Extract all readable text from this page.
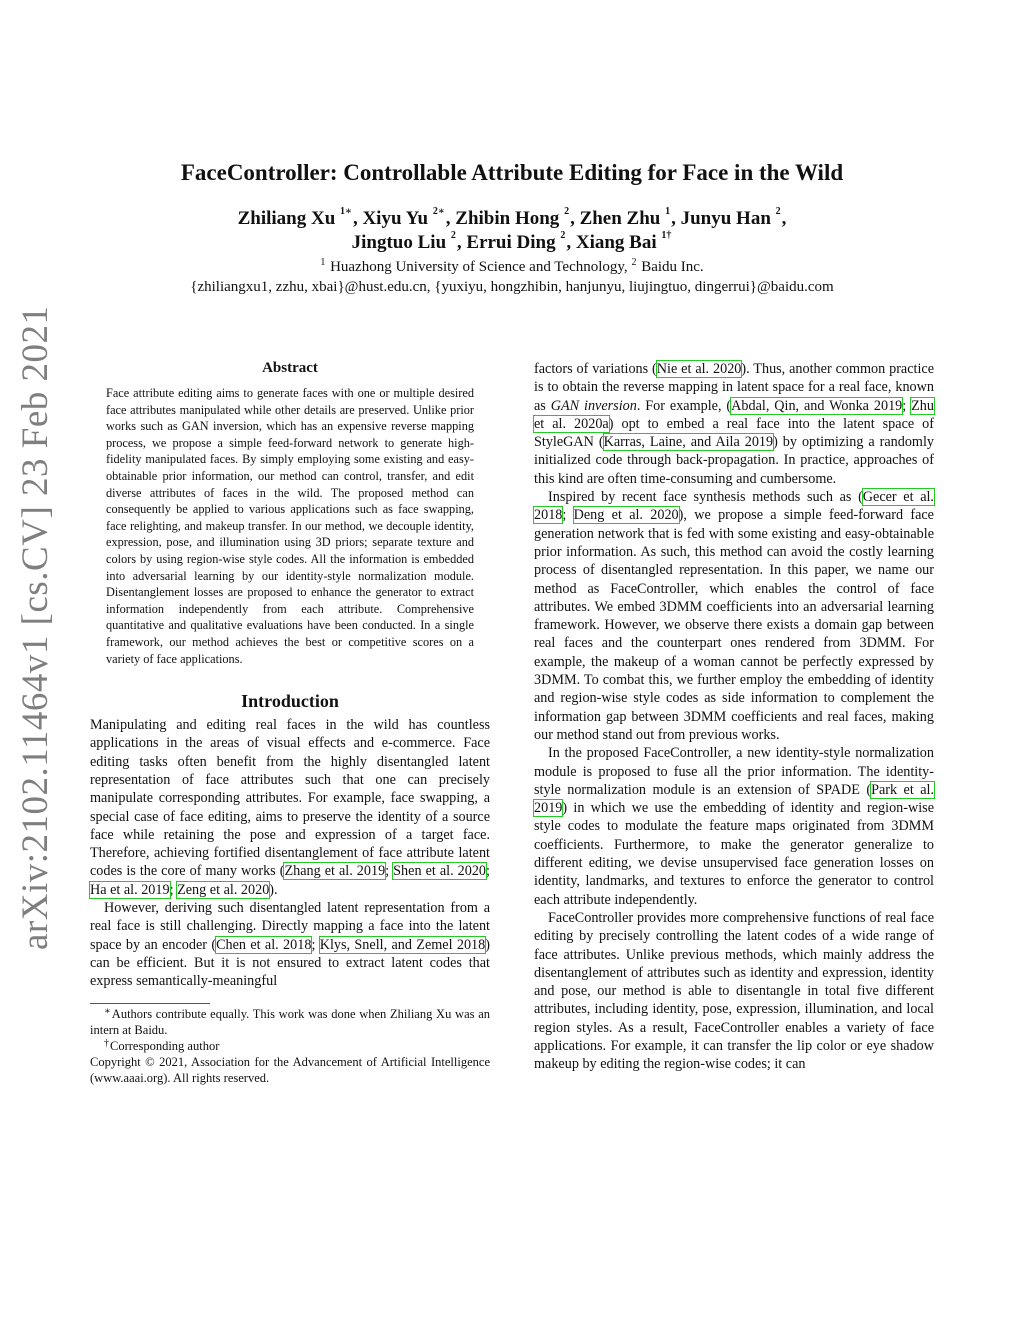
FaceController: Controllable Attribute Editing for Face in the Wild
Zhiliang Xu $^{1∗}$, Xiyu Yu $^{2∗}$, Zhibin Hong $^2$, Zhen Zhu $^1$, Junyu Han $^2$,
Jingtuo Liu $^2$, Errui Ding $^2$, Xiang Bai $^{1\dagger}$
$^1$ Huazhong University of Science and Technology, $^2$ Baidu Inc.
{zhiliangxu1, zzhu, xbai}@hust.edu.cn, {yuxiyu, hongzhibin, hanjunyu, liujingtuo, dingerrui}@baidu.com
arXiv:2102.11464v1 [cs.CV] 23 Feb 2021	Abstract
Face attribute editing aims to generate faces with one or multiple desired face attributes manipulated while other details are preserved. Unlike prior works such as GAN inversion, which has an expensive reverse mapping process, we propose a simple feed-forward network to generate high-fidelity manipulated faces. By simply employing some existing and easy-obtainable prior information, our method can control, transfer, and edit diverse attributes of faces in the wild. The proposed method can consequently be applied to various applications such as face swapping, face relighting, and makeup transfer. In our method, we decouple identity, expression, pose, and illumination using 3D priors; separate texture and colors by using region-wise style codes. All the information is embedded into adversarial learning by our identity-style normalization module. Disentanglement losses are proposed to enhance the generator to extract information independently from each attribute. Comprehensive quantitative and qualitative evaluations have been conducted. In a single framework, our method achieves the best or competitive scores on a variety of face applications.
Introduction

Manipulating and editing real faces in the wild has countless applications in the areas of visual effects and e-commerce. Face editing tasks often benefit from the highly disentangled latent representation of face attributes such that one can precisely manipulate corresponding attributes. For example, face swapping, a special case of face editing, aims to preserve the identity of a source face while retaining the pose and expression of a target face. Therefore, achieving fortified disentanglement of face attribute latent codes is the core of many works (Zhang et al. 2019; Shen et al. 2020; Ha et al. 2019; Zeng et al. 2020).

However, deriving such disentangled latent representation from a real face is still challenging. Directly mapping a face into the latent space by an encoder (Chen et al. 2018; Klys, Snell, and Zemel 2018) can be efficient. But it is not ensured to extract latent codes that express semantically-meaningful

∗Authors contribute equally. This work was done when Zhiliang Xu was an intern at Baidu.

†Corresponding author

Copyright © 2021, Association for the Advancement of Artificial Intelligence (www.aaai.org). All rights reserved.

factors of variations (Nie et al. 2020). Thus, another common practice is to obtain the reverse mapping in latent space for a real face, known as GAN inversion. For example, (Abdal, Qin, and Wonka 2019; Zhu et al. 2020a) opt to embed a real face into the latent space of StyleGAN (Karras, Laine, and Aila 2019) by optimizing a randomly initialized code through back-propagation. In practice, approaches of this kind are often time-consuming and cumbersome.

Inspired by recent face synthesis methods such as (Gecer et al. 2018; Deng et al. 2020), we propose a simple feed-forward face generation network that is fed with some existing and easy-obtainable prior information. As such, this method can avoid the costly learning process of disentangled representation. In this paper, we name our method as FaceController, which enables the control of face attributes. We embed 3DMM coefficients into an adversarial learning framework. However, we observe there exists a domain gap between real faces and the counterpart ones rendered from 3DMM. For example, the makeup of a woman cannot be perfectly expressed by 3DMM. To combat this, we further employ the embedding of identity and region-wise style codes as side information to complement the information gap between 3DMM coefficients and real faces, making our method stand out from previous works.

In the proposed FaceController, a new identity-style normalization module is proposed to fuse all the prior information. The identity-style normalization module is an extension of SPADE (Park et al. 2019) in which we use the embedding of identity and region-wise style codes to modulate the feature maps originated from 3DMM coefficients. Furthermore, to make the generator generalize to different editing, we devise unsupervised face generation losses on identity, landmarks, and textures to enforce the generator to control each attribute independently.

FaceController provides more comprehensive functions of real face editing by precisely controlling the latent codes of a wide range of face attributes. Unlike previous methods, which mainly address the disentanglement of attributes such as identity and expression, identity and pose, our method is able to disentangle in total five different attributes, including identity, pose, expression, illumination, and local region styles. As a result, FaceController enables a variety of face applications. For example, it can transfer the lip color or eye shadow makeup by editing the region-wise codes; it can
